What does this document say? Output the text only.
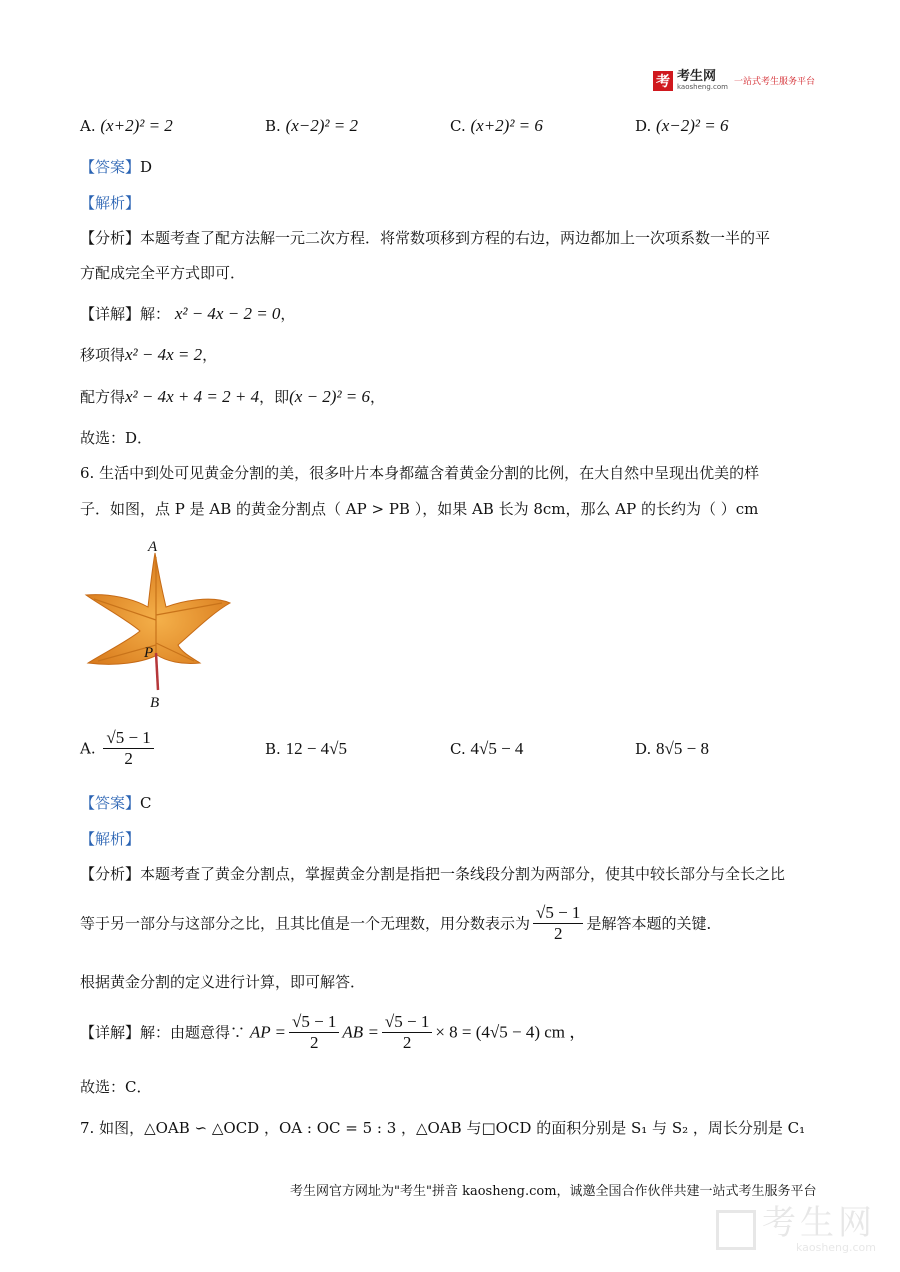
考 考生网
kaosheng.com 一站式考生服务平台
A. (x+2)² = 2	B. (x−2)² = 2	C. (x+2)² = 6	D. (x−2)² = 6
【答案】D
【解析】
【分析】本题考查了配方法解一元二次方程．将常数项移到方程的右边，两边都加上一次项系数一半的平
方配成完全平方式即可．
【详解】解： x² − 4x − 2 = 0，
移项得x² − 4x = 2，
配方得x² − 4x + 4 = 2 + 4，即(x − 2)² = 6，
故选：D．
6. 生活中到处可见黄金分割的美，很多叶片本身都蕴含着黄金分割的比例，在大自然中呈现出优美的样
子．如图，点 P 是 AB 的黄金分割点（ AP > PB ），如果 AB 长为 8cm，那么 AP 的长约为（ ）cm
A
P
B
A. $\frac{√5 - 1}{2}$	B. 12 − 4√5	C. 4√5 − 4	D. 8√5 − 8
【答案】C
【解析】
【分析】本题考查了黄金分割点，掌握黄金分割是指把一条线段分割为两部分，使其中较长部分与全长之比
等于另一部分与这部分之比，且其比值是一个无理数，用分数表示为 $\frac{√5 - 1}{2}$ 是解答本题的关键．
根据黄金分割的定义进行计算，即可解答．
【详解】解：由题意得∵ AP = $\frac{√5 - 1}{2}$ AB = $\frac{√5 - 1}{2} \times 8 = (4√5 - 4)$ cm ，
故选：C．
7. 如图，△OAB ∽ △OCD ，OA : OC = 5 : 3 ，△OAB 与□OCD 的面积分别是 S₁ 与 S₂ ，周长分别是 C₁
考生网官方网址为"考生"拼音 kaosheng.com，诚邀全国合作伙伴共建一站式考生服务平台
考生网
kaosheng.com
